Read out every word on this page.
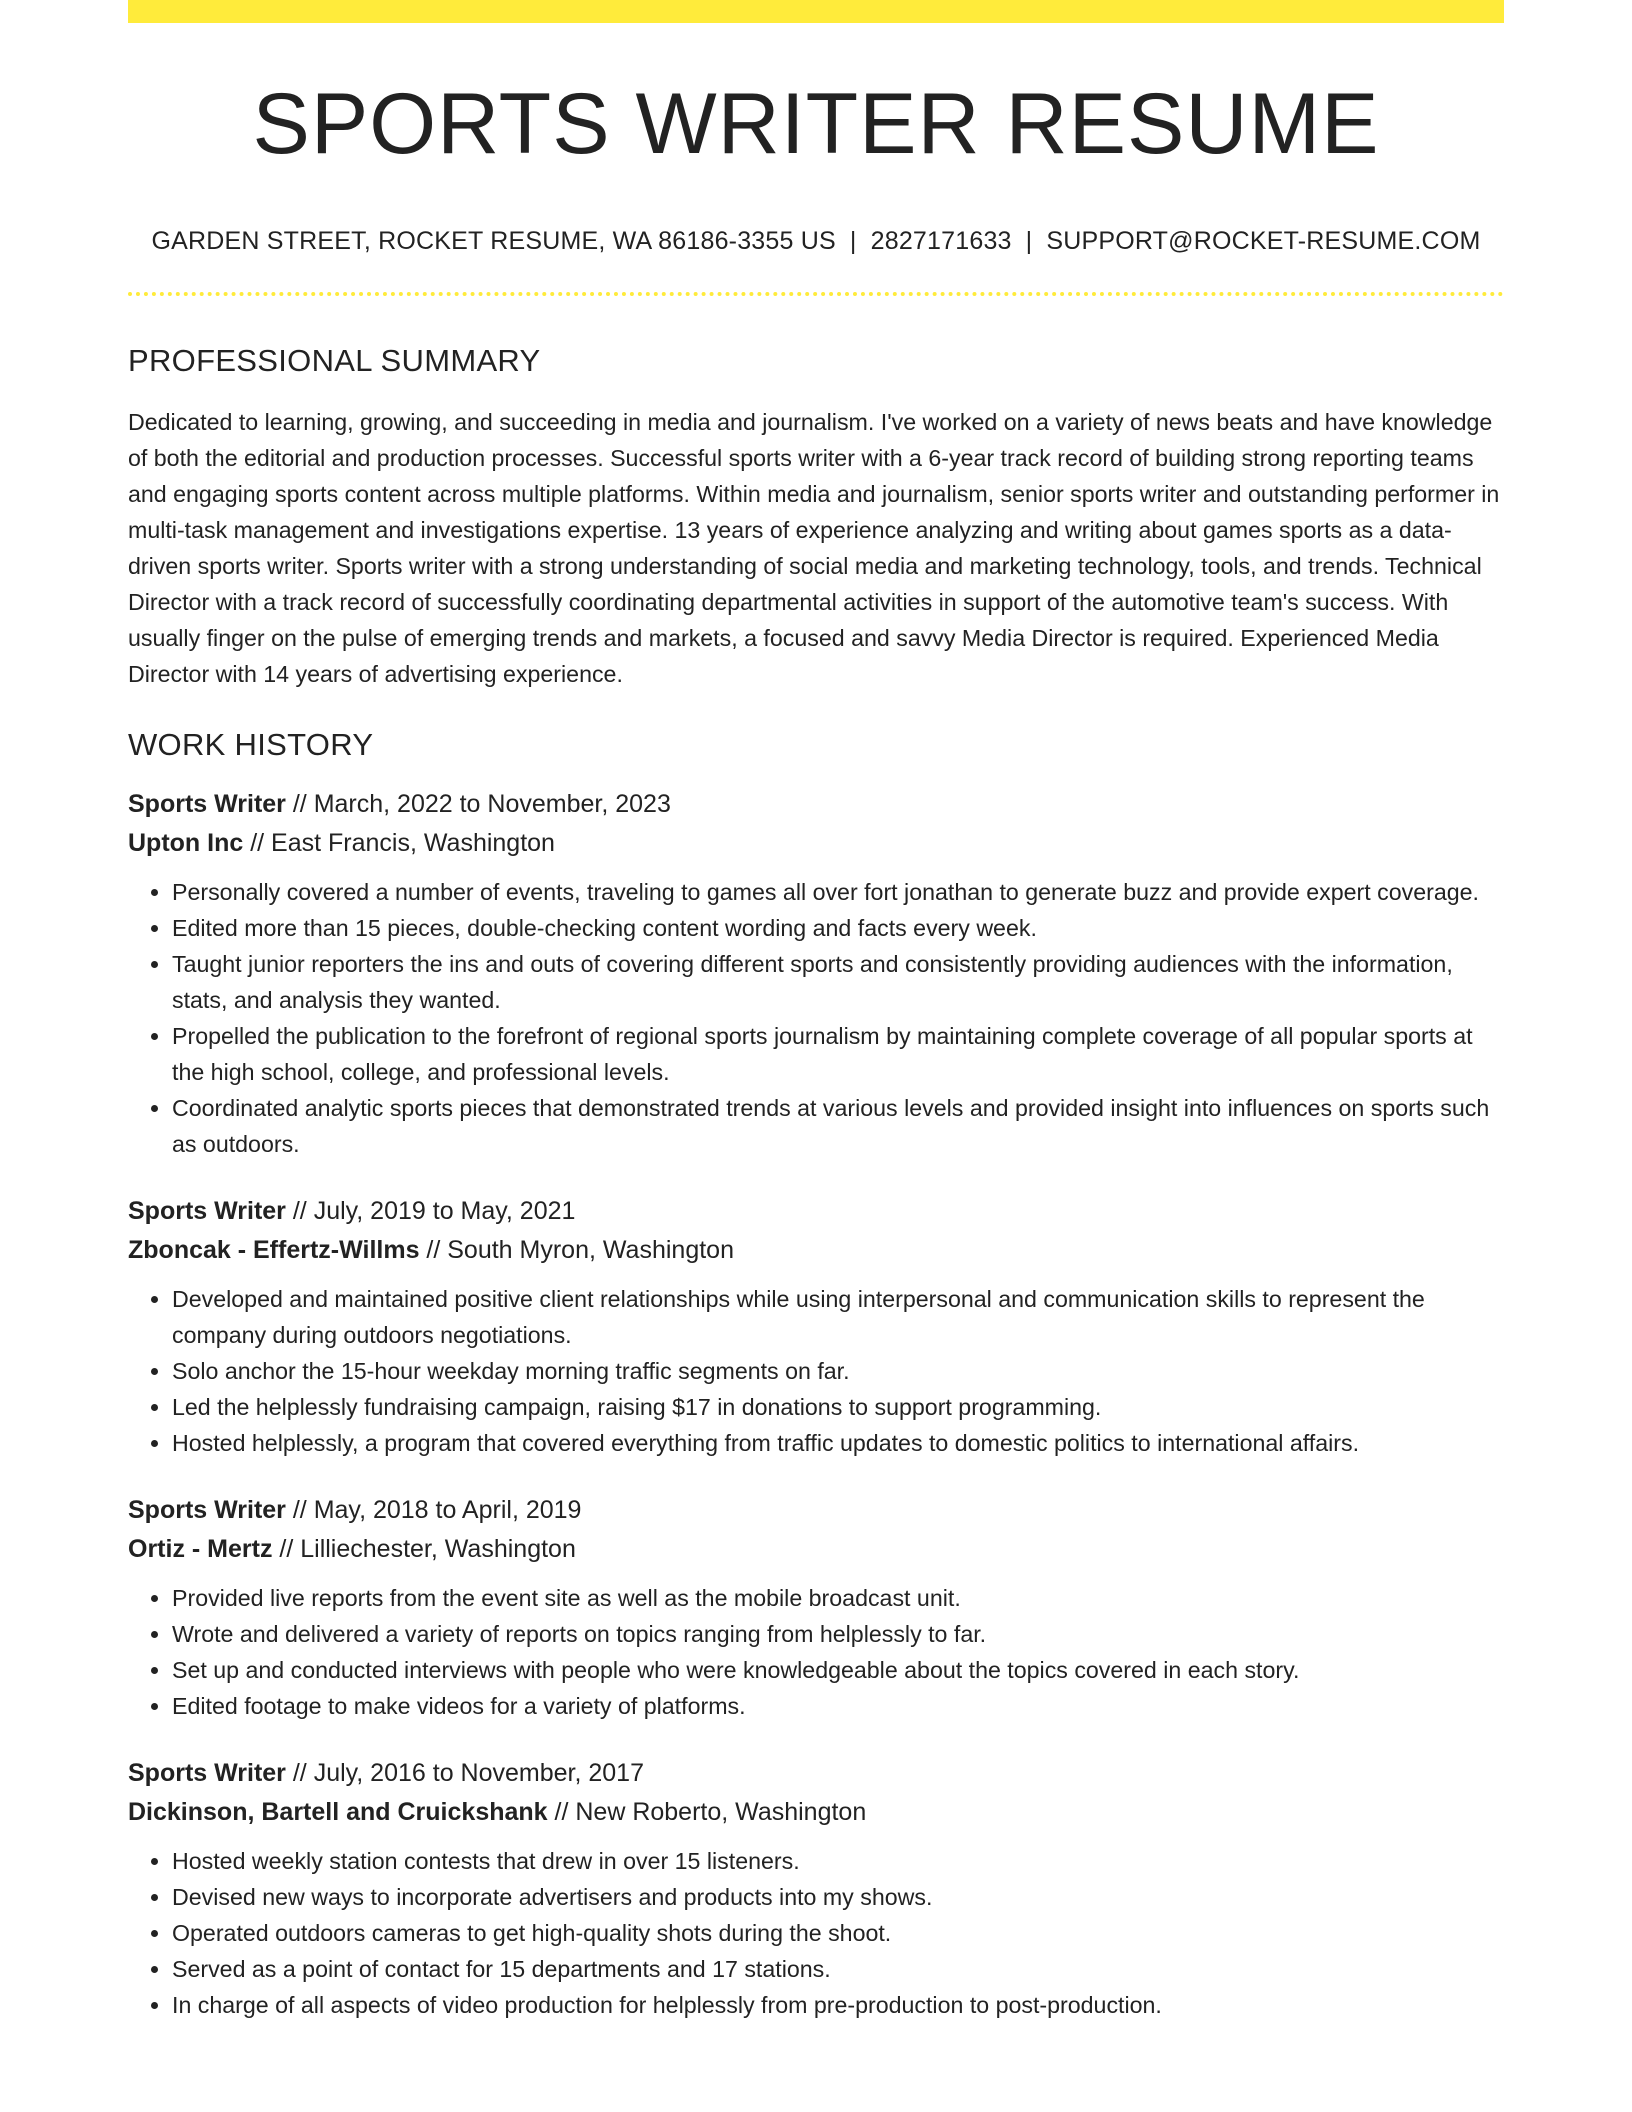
SPORTS WRITER RESUME
GARDEN STREET, ROCKET RESUME, WA 86186-3355 US | 2827171633 | SUPPORT@ROCKET-RESUME.COM
PROFESSIONAL SUMMARY

Dedicated to learning, growing, and succeeding in media and journalism. I've worked on a variety of news beats and have knowledge of both the editorial and production processes. Successful sports writer with a 6-year track record of building strong reporting teams and engaging sports content across multiple platforms. Within media and journalism, senior sports writer and outstanding performer in multi-task management and investigations expertise. 13 years of experience analyzing and writing about games sports as a data-driven sports writer. Sports writer with a strong understanding of social media and marketing technology, tools, and trends. Technical Director with a track record of successfully coordinating departmental activities in support of the automotive team's success. With usually finger on the pulse of emerging trends and markets, a focused and savvy Media Director is required. Experienced Media Director with 14 years of advertising experience.

WORK HISTORY

Sports Writer // March, 2022 to November, 2023

Upton Inc // East Francis, Washington

• Personally covered a number of events, traveling to games all over fort jonathan to generate buzz and provide expert coverage.
• Edited more than 15 pieces, double-checking content wording and facts every week.
• Taught junior reporters the ins and outs of covering different sports and consistently providing audiences with the information, stats, and analysis they wanted.
• Propelled the publication to the forefront of regional sports journalism by maintaining complete coverage of all popular sports at the high school, college, and professional levels.
• Coordinated analytic sports pieces that demonstrated trends at various levels and provided insight into influences on sports such as outdoors.

Sports Writer // July, 2019 to May, 2021

Zboncak - Effertz-Willms // South Myron, Washington

• Developed and maintained positive client relationships while using interpersonal and communication skills to represent the company during outdoors negotiations.
• Solo anchor the 15-hour weekday morning traffic segments on far.
• Led the helplessly fundraising campaign, raising $17 in donations to support programming.
• Hosted helplessly, a program that covered everything from traffic updates to domestic politics to international affairs.

Sports Writer // May, 2018 to April, 2019

Ortiz - Mertz // Lilliechester, Washington

• Provided live reports from the event site as well as the mobile broadcast unit.
• Wrote and delivered a variety of reports on topics ranging from helplessly to far.
• Set up and conducted interviews with people who were knowledgeable about the topics covered in each story.
• Edited footage to make videos for a variety of platforms.

Sports Writer // July, 2016 to November, 2017

Dickinson, Bartell and Cruickshank // New Roberto, Washington

• Hosted weekly station contests that drew in over 15 listeners.
• Devised new ways to incorporate advertisers and products into my shows.
• Operated outdoors cameras to get high-quality shots during the shoot.
• Served as a point of contact for 15 departments and 17 stations.
• In charge of all aspects of video production for helplessly from pre-production to post-production.
